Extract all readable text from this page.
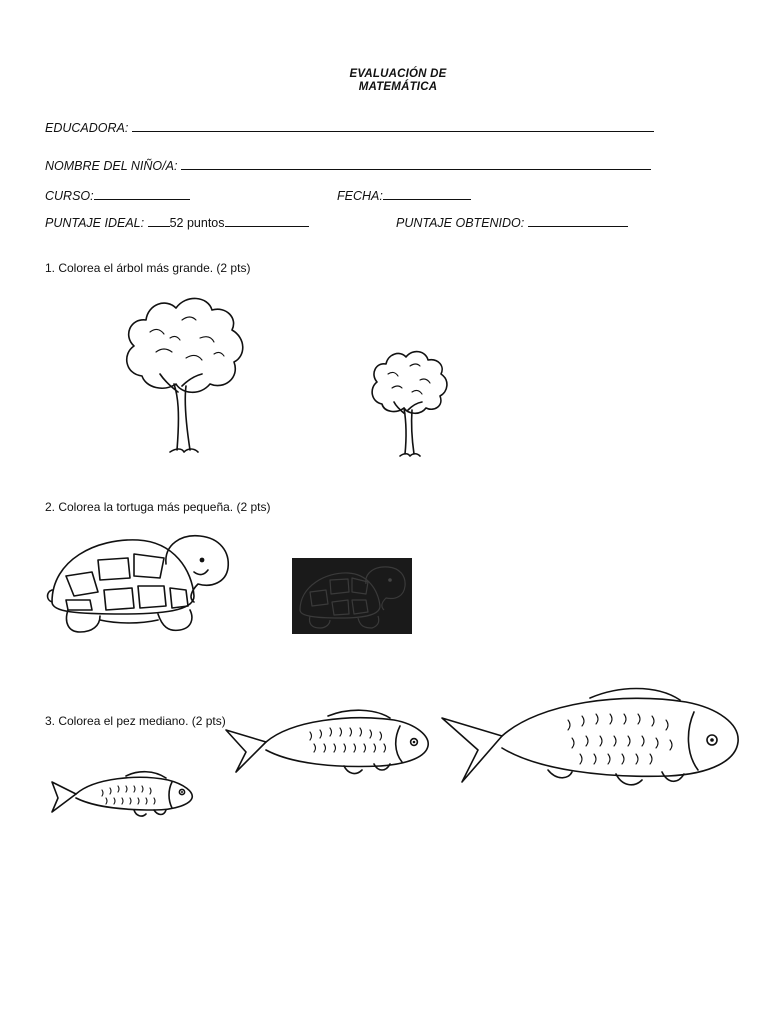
EVALUACIÓN DE
MATEMÁTICA
EDUCADORA:
NOMBRE DEL NIÑO/A:
CURSO:	FECHA:
PUNTAJE IDEAL: 52 puntos	PUNTAJE OBTENIDO:
1. Colorea el árbol más grande. (2 pts)
2. Colorea la tortuga más pequeña. (2 pts)
3. Colorea el pez mediano. (2 pts)
